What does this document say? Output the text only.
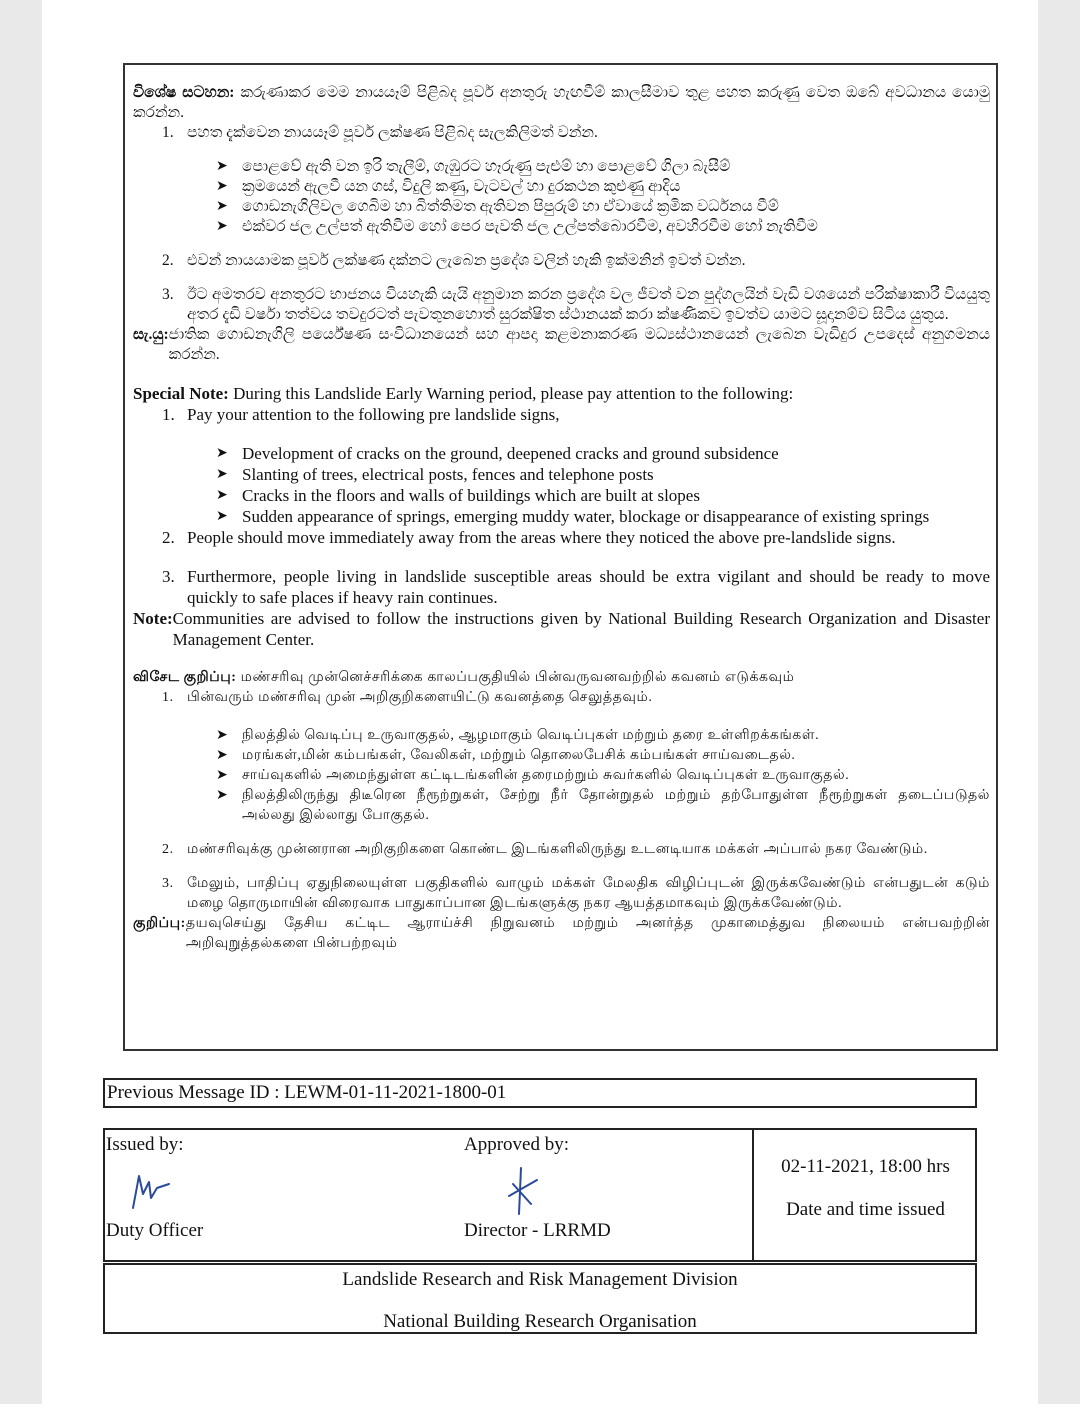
විශේෂ සටහන: කරුණාකර මෙම නායයෑම් පිළිබද පූර්ව අනතුරු හැඟවීම් කාලසීමාව තුළ පහත කරුණු වෙත ඔබේ අවධානය යොමු කරන්න.
1. පහත දැක්වෙන නායයෑම් පූර්ව ලක්ෂණ පිළිබද සැලකිලිමත් වන්න.
➤ පොළවේ ඇති වන ඉරි තැලීම්, ගැඹුරට හෑරුණු පැළුම් හා පොළවේ ගිලා බැසීම්
➤ ක්‍රමයෙන් ඇලවී යන ගස්, විදුලි කණු, වැටවල් හා දුරකථන කුළුණු ආදිය
➤ ගොඩනැගිලිවල ගෙබිම හා බිත්තිමත ඇතිවන පිපුරුම් හා ඒවායේ ක්‍රමික වර්ධනය වීම්
➤ එක්වර ජල උල්පත් ඇතිවීම හෝ පෙර පැවති ජල උල්පත්බොරවීම, අවහිරවීම හෝ නැතිවීම
2. එවන් නායයාමක පූර්ව ලක්ෂණ දක්නට ලැබෙන ප්‍රදේශ වලින් හැකි ඉක්මනින් ඉවත් වන්න.
3. ඊට අමතරව අනතුරට භාජනය වියහැකි යැයි අනුමාන කරන ප්‍රදේශ වල ජීවත් වන පුද්ගලයින් වැඩි වශයෙන් පරික්ෂාකාරී වියයුතු අතර දැඩි වර්ෂා තත්වය තවදුරටත් පැවතුනහොත් සුරක්ෂිත ස්ථානයක් කරා ක්ෂණිකව ඉවත්ව යාමට සූදානම්ව සිටිය යුතුය.
සැ.යු: ජාතික ගොඩනැගිලි පර්යේෂණ සංවිධානයෙන් සහ ආපදා කළමනාකරණ මධ්‍යස්ථානයෙන් ලැබෙන වැඩිදුර උපදෙස් අනුගමනය කරන්න.
Special Note: During this Landslide Early Warning period, please pay attention to the following:
1. Pay your attention to the following pre landslide signs,
➤ Development of cracks on the ground, deepened cracks and ground subsidence
➤ Slanting of trees, electrical posts, fences and telephone posts
➤ Cracks in the floors and walls of buildings which are built at slopes
➤ Sudden appearance of springs, emerging muddy water, blockage or disappearance of existing springs
2. People should move immediately away from the areas where they noticed the above pre-landslide signs.
3. Furthermore, people living in landslide susceptible areas should be extra vigilant and should be ready to move quickly to safe places if heavy rain continues.
Note: Communities are advised to follow the instructions given by National Building Research Organization and Disaster Management Center.
விசேட குறிப்பு: மண்சரிவு முன்னெச்சரிக்கை காலப்பகுதியில் பின்வருவனவற்றில் கவனம் எடுக்கவும்
1. பின்வரும் மண்சரிவு முன் அறிகுறிகளையிட்டு கவனத்தை செலுத்தவும்.
➤ நிலத்தில் வெடிப்பு உருவாகுதல், ஆழமாகும் வெடிப்புகள் மற்றும் தரை உள்ளிறக்கங்கள்.
➤ மரங்கள்,மின் கம்பங்கள், வேலிகள், மற்றும் தொலைபேசிக் கம்பங்கள் சாய்வடைதல்.
➤ சாய்வுகளில் அமைந்துள்ள கட்டிடங்களின் தரைமற்றும் சுவர்களில் வெடிப்புகள் உருவாகுதல்.
➤ நிலத்திலிருந்து திடீரென நீரூற்றுகள், சேற்று நீர் தோன்றுதல் மற்றும் தற்போதுள்ள நீரூற்றுகள் தடைப்படுதல் அல்லது இல்லாது போகுதல்.
2. மண்சரிவுக்கு முன்னரான அறிகுறிகளை கொண்ட இடங்களிலிருந்து உடனடியாக மக்கள் அப்பால் நகர வேண்டும்.
3. மேலும், பாதிப்பு ஏதுநிலையுள்ள பகுதிகளில் வாழும் மக்கள் மேலதிக விழிப்புடன் இருக்கவேண்டும் என்பதுடன் கடும் மழை தொருமாயின் விரைவாக பாதுகாப்பான இடங்களுக்கு நகர ஆயத்தமாகவும் இருக்கவேண்டும்.
குறிப்பு: தயவுசெய்து தேசிய கட்டிட ஆராய்ச்சி நிறுவனம் மற்றும் அனர்த்த முகாமைத்துவ நிலையம் என்பவற்றின் அறிவுறுத்தல்களை பின்பற்றவும்
Previous Message ID : LEWM-01-11-2021-1800-01
Issued by:
Duty Officer
Approved by:
Director - LRRMD
02-11-2021, 18:00 hrs
Date and time issued
Landslide Research and Risk Management Division
National Building Research Organisation
